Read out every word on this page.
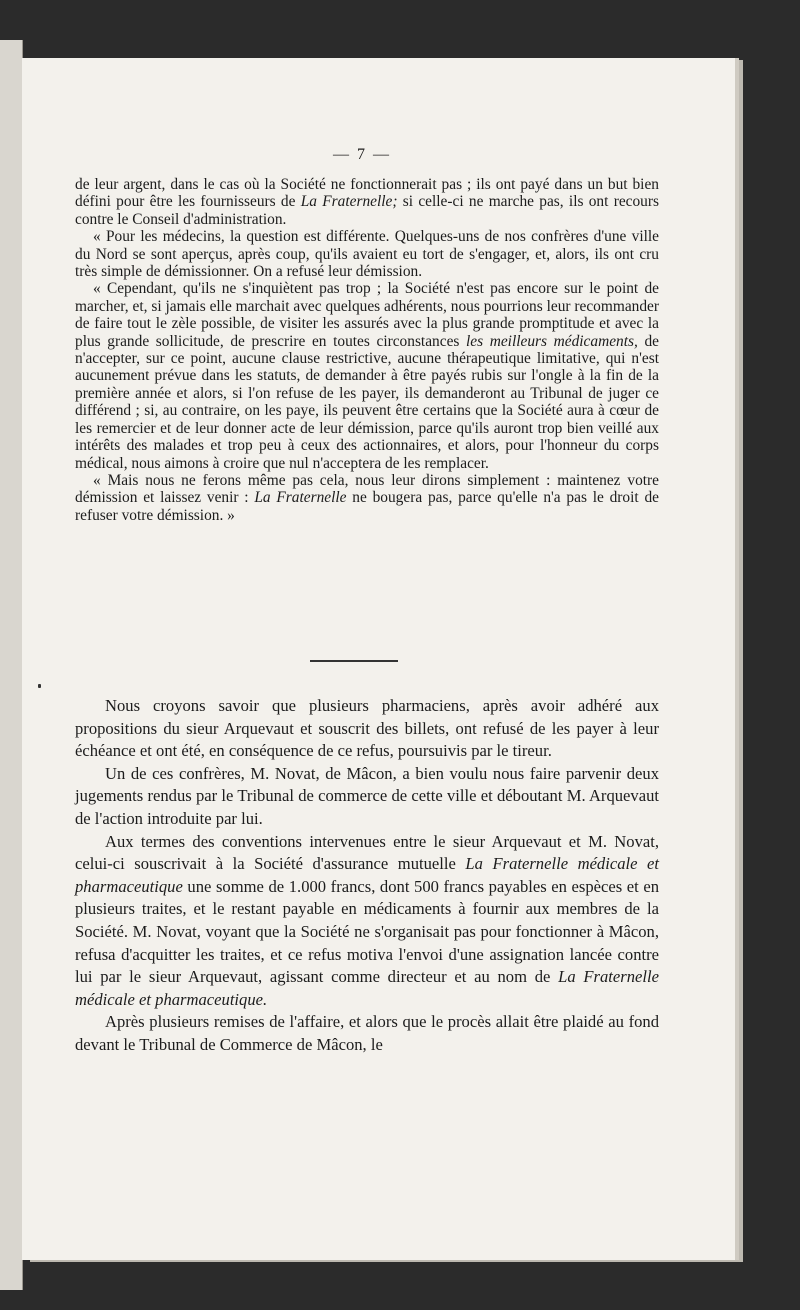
— 7 —

de leur argent, dans le cas où la Société ne fonctionnerait pas ; ils ont payé dans un but bien défini pour être les fournisseurs de La Fraternelle; si celle-ci ne marche pas, ils ont recours contre le Conseil d'administration.

« Pour les médecins, la question est différente. Quelques-uns de nos confrères d'une ville du Nord se sont aperçus, après coup, qu'ils avaient eu tort de s'engager, et, alors, ils ont cru très simple de démissionner. On a refusé leur démission.

« Cependant, qu'ils ne s'inquiètent pas trop ; la Société n'est pas encore sur le point de marcher, et, si jamais elle marchait avec quelques adhérents, nous pourrions leur recommander de faire tout le zèle possible, de visiter les assurés avec la plus grande promptitude et avec la plus grande sollicitude, de prescrire en toutes circonstances les meilleurs médicaments, de n'accepter, sur ce point, aucune clause restrictive, aucune thérapeutique limitative, qui n'est aucunement prévue dans les statuts, de demander à être payés rubis sur l'ongle à la fin de la première année et alors, si l'on refuse de les payer, ils demanderont au Tribunal de juger ce différend ; si, au contraire, on les paye, ils peuvent être certains que la Société aura à cœur de les remercier et de leur donner acte de leur démission, parce qu'ils auront trop bien veillé aux intérêts des malades et trop peu à ceux des actionnaires, et alors, pour l'honneur du corps médical, nous aimons à croire que nul n'acceptera de les remplacer.

« Mais nous ne ferons même pas cela, nous leur dirons simplement : maintenez votre démission et laissez venir : La Fraternelle ne bougera pas, parce qu'elle n'a pas le droit de refuser votre démission. »

Nous croyons savoir que plusieurs pharmaciens, après avoir adhéré aux propositions du sieur Arquevaut et souscrit des billets, ont refusé de les payer à leur échéance et ont été, en conséquence de ce refus, poursuivis par le tireur.

Un de ces confrères, M. Novat, de Mâcon, a bien voulu nous faire parvenir deux jugements rendus par le Tribunal de commerce de cette ville et déboutant M. Arquevaut de l'action introduite par lui.

Aux termes des conventions intervenues entre le sieur Arquevaut et M. Novat, celui-ci souscrivait à la Société d'assurance mutuelle La Fraternelle médicale et pharmaceutique une somme de 1.000 francs, dont 500 francs payables en espèces et en plusieurs traites, et le restant payable en médicaments à fournir aux membres de la Société. M. Novat, voyant que la Société ne s'organisait pas pour fonctionner à Mâcon, refusa d'acquitter les traites, et ce refus motiva l'envoi d'une assignation lancée contre lui par le sieur Arquevaut, agissant comme directeur et au nom de La Fraternelle médicale et pharmaceutique.

Après plusieurs remises de l'affaire, et alors que le procès allait être plaidé au fond devant le Tribunal de Commerce de Mâcon, le
